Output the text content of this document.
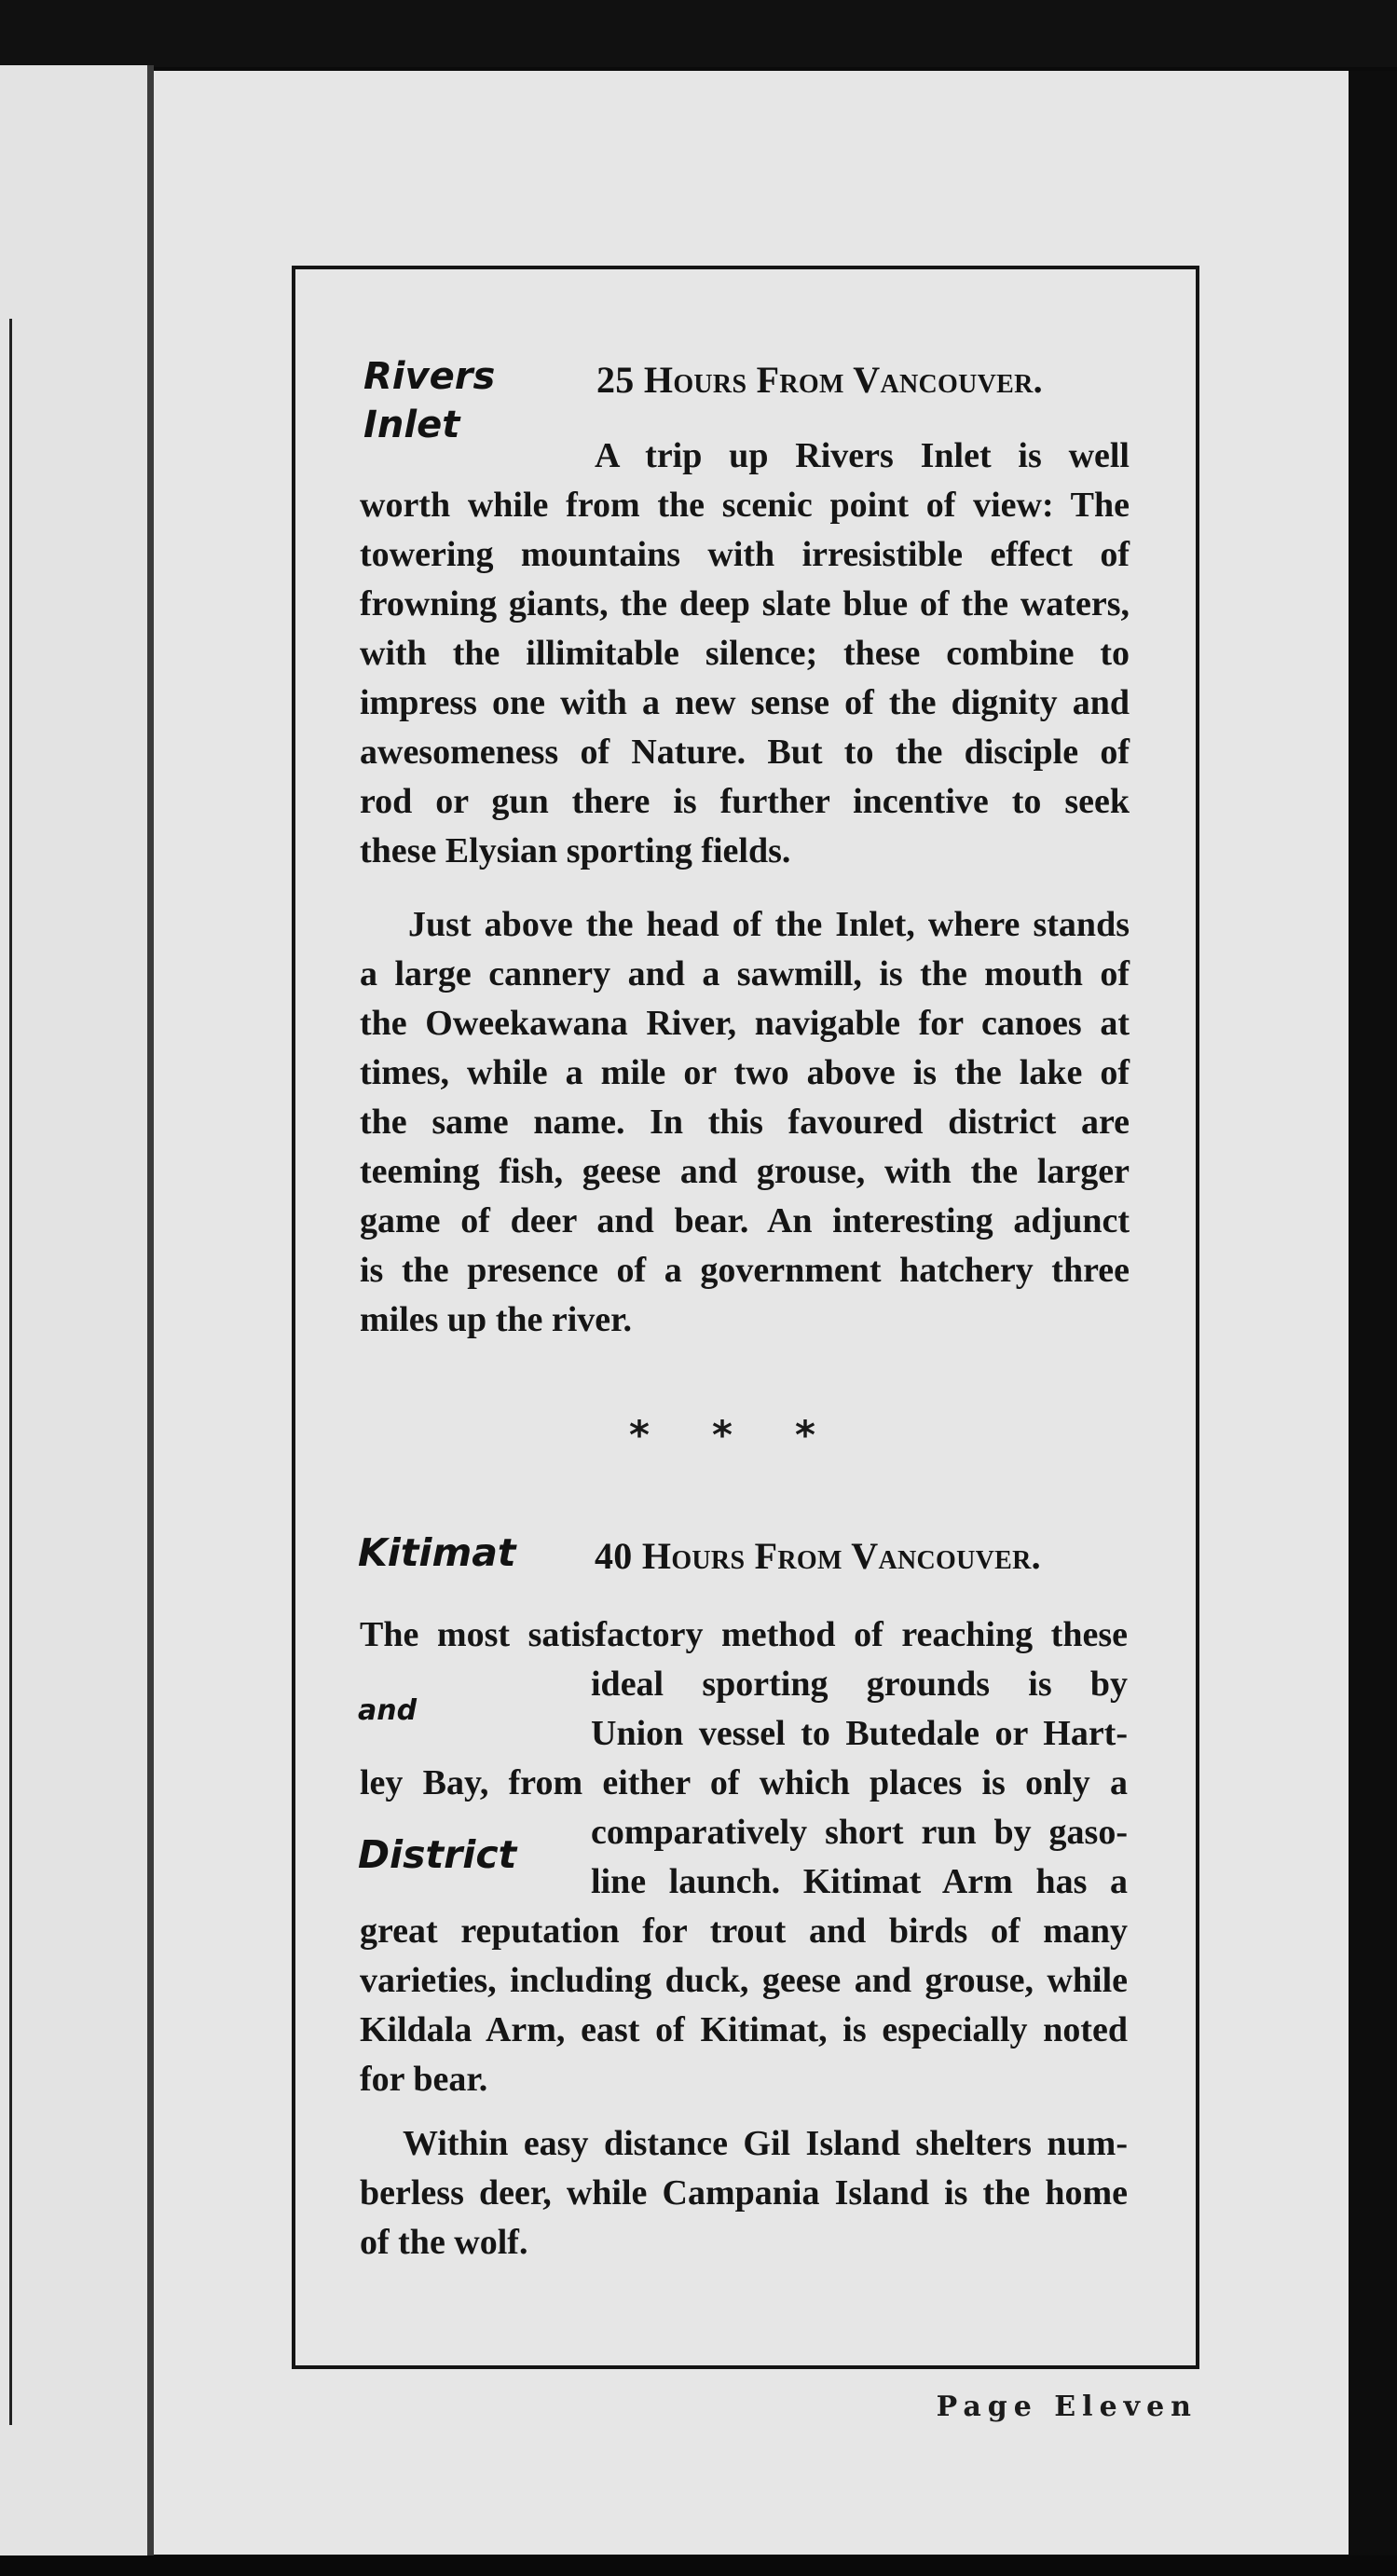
Rivers
Inlet
25 Hours From Vancouver.
A trip up Rivers Inlet is well
worth while from the scenic point of view: The
towering mountains with irresistible effect of
frowning giants, the deep slate blue of the waters,
with the illimitable silence; these combine to
impress one with a new sense of the dignity and
awesomeness of Nature. But to the disciple of
rod or gun there is further incentive to seek
these Elysian sporting fields.
Just above the head of the Inlet, where stands
a large cannery and a sawmill, is the mouth of
the Oweekawana River, navigable for canoes at
times, while a mile or two above is the lake of
the same name. In this favoured district are
teeming fish, geese and grouse, with the larger
game of deer and bear. An interesting adjunct
is the presence of a government hatchery three
miles up the river.
* * *
Kitimat 40 Hours From Vancouver.
and
District
The most satisfactory method of reaching these
ideal sporting grounds is by
Union vessel to Butedale or Hart-
ley Bay, from either of which places is only a
comparatively short run by gaso-
line launch. Kitimat Arm has a
great reputation for trout and birds of many
varieties, including duck, geese and grouse, while
Kildala Arm, east of Kitimat, is especially noted
for bear.
Within easy distance Gil Island shelters num-
berless deer, while Campania Island is the home
of the wolf.
Page Eleven
